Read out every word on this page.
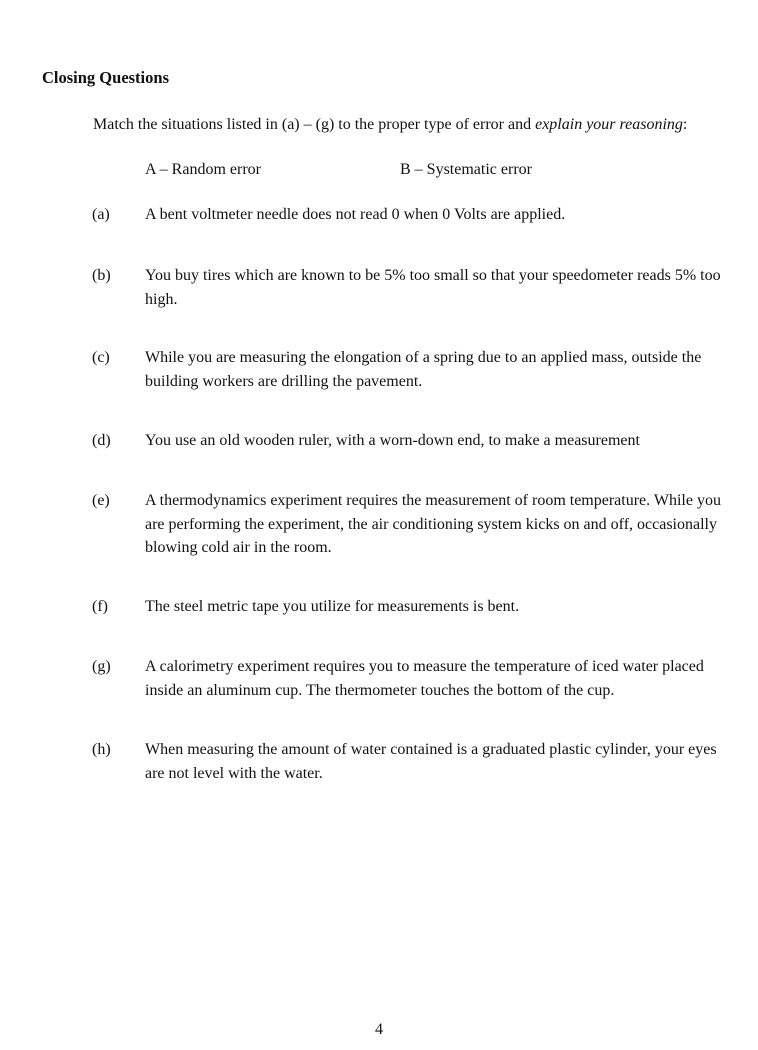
Closing Questions
Match the situations listed in (a) – (g) to the proper type of error and explain your reasoning:
A – Random error	B – Systematic error
(a) A bent voltmeter needle does not read 0 when 0 Volts are applied.
(b) You buy tires which are known to be 5% too small so that your speedometer reads 5% too high.
(c) While you are measuring the elongation of a spring due to an applied mass, outside the building workers are drilling the pavement.
(d) You use an old wooden ruler, with a worn-down end, to make a measurement
(e) A thermodynamics experiment requires the measurement of room temperature. While you are performing the experiment, the air conditioning system kicks on and off, occasionally blowing cold air in the room.
(f) The steel metric tape you utilize for measurements is bent.
(g) A calorimetry experiment requires you to measure the temperature of iced water placed inside an aluminum cup. The thermometer touches the bottom of the cup.
(h) When measuring the amount of water contained is a graduated plastic cylinder, your eyes are not level with the water.
4
